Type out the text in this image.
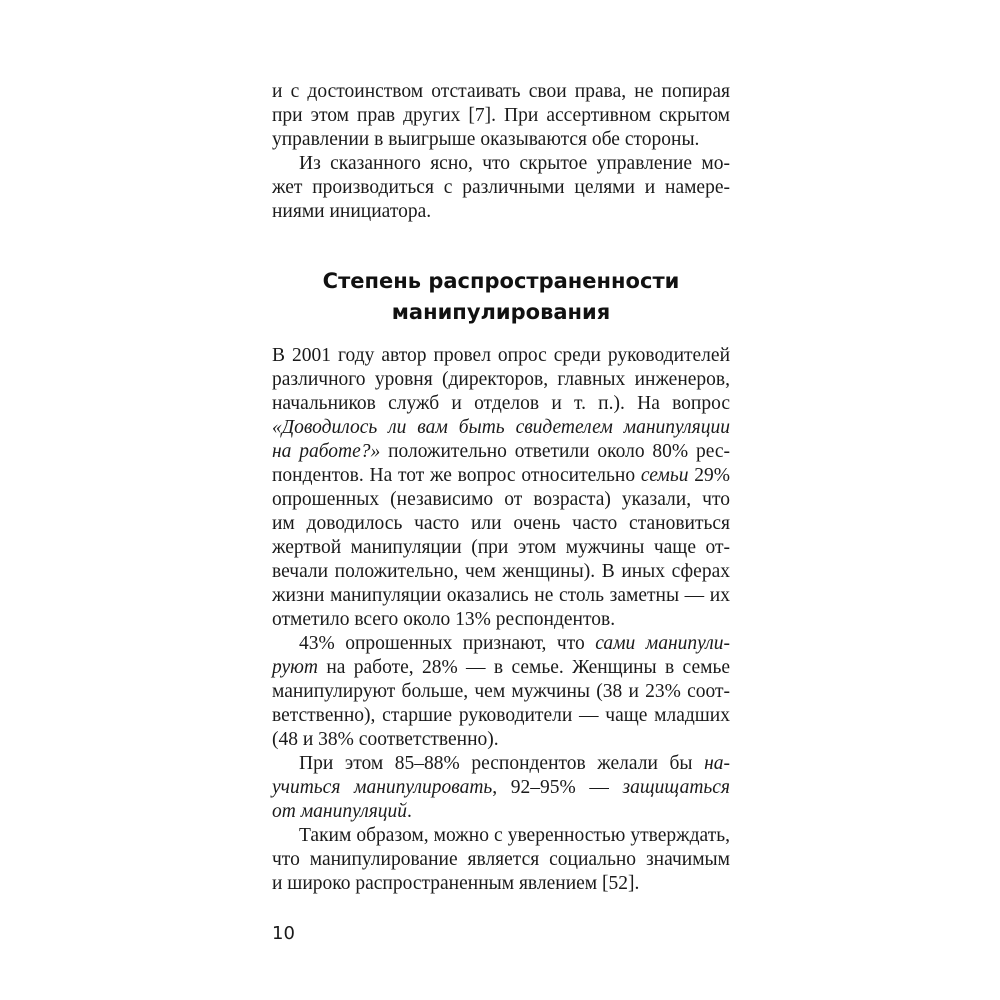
и с достоинством отстаивать свои права, не попирая
при этом прав других [7]. При ассертивном скрытом
управлении в выигрыше оказываются обе стороны.
Из сказанного ясно, что скрытое управление мо-
жет производиться с различными целями и намере-
ниями инициатора.
Степень распространенности
манипулирования
В 2001 году автор провел опрос среди руководителей
различного уровня (директоров, главных инженеров,
начальников служб и отделов и т. п.). На вопрос
«Доводилось ли вам быть свидетелем манипуляции
на работе?» положительно ответили около 80% рес-
пондентов. На тот же вопрос относительно семьи 29%
опрошенных (независимо от возраста) указали, что
им доводилось часто или очень часто становиться
жертвой манипуляции (при этом мужчины чаще от-
вечали положительно, чем женщины). В иных сферах
жизни манипуляции оказались не столь заметны — их
отметило всего около 13% респондентов.
43% опрошенных признают, что сами манипули-
руют на работе, 28% — в семье. Женщины в семье
манипулируют больше, чем мужчины (38 и 23% соот-
ветственно), старшие руководители — чаще младших
(48 и 38% соответственно).
При этом 85–88% респондентов желали бы на-
учиться манипулировать, 92–95% — защищаться
от манипуляций.
Таким образом, можно с уверенностью утверждать,
что манипулирование является социально значимым
и широко распространенным явлением [52].
10
